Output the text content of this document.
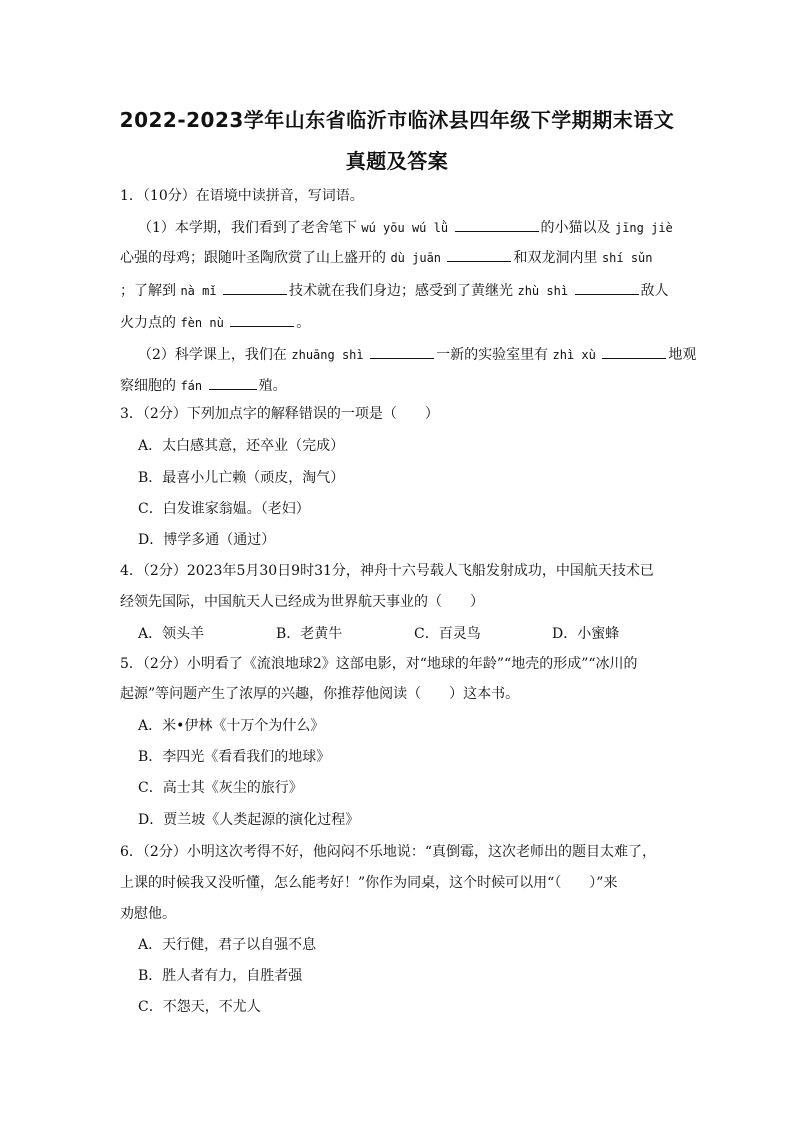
2022-2023学年山东省临沂市临沭县四年级下学期期末语文
真题及答案
1．（10分）在语境中读拼音，写词语。
（1）本学期，我们看到了老舍笔下 wú yōu wú lǜ	的小猫以及 jīng jiè
心强的母鸡；跟随叶圣陶欣赏了山上盛开的 dù juān	和双龙洞内里 shí sǔn
；了解到 nà mǐ	技术就在我们身边；感受到了黄继光 zhù shì	敌人
火力点的 fèn nù	。
（2）科学课上，我们在 zhuāng shì	一新的实验室里有 zhì xù	地观
察细胞的 fán	殖。
3．（2分）下列加点字的解释错误的一项是（　　）
A．太白感其意，还卒业（完成）
B．最喜小儿亡赖（顽皮，淘气）
C．白发谁家翁媪。（老妇）
D．博学多通（通过）
4．（2分）2023年5月30日9时31分，神舟十六号载人飞船发射成功，中国航天技术已
经领先国际，中国航天人已经成为世界航天事业的（　　）
A．领头羊	B．老黄牛	C．百灵鸟	D．小蜜蜂
5．（2分）小明看了《流浪地球2》这部电影，对“地球的年龄”“地壳的形成”“冰川的
起源”等问题产生了浓厚的兴趣，你推荐他阅读（　　）这本书。
A．米•伊林《十万个为什么》
B．李四光《看看我们的地球》
C．高士其《灰尘的旅行》
D．贾兰坡《人类起源的演化过程》
6．（2分）小明这次考得不好，他闷闷不乐地说：“真倒霉，这次老师出的题目太难了，
上课的时候我又没听懂，怎么能考好！”你作为同桌，这个时候可以用“（　　）”来
劝慰他。
A．天行健，君子以自强不息
B．胜人者有力，自胜者强
C．不怨天，不尤人
